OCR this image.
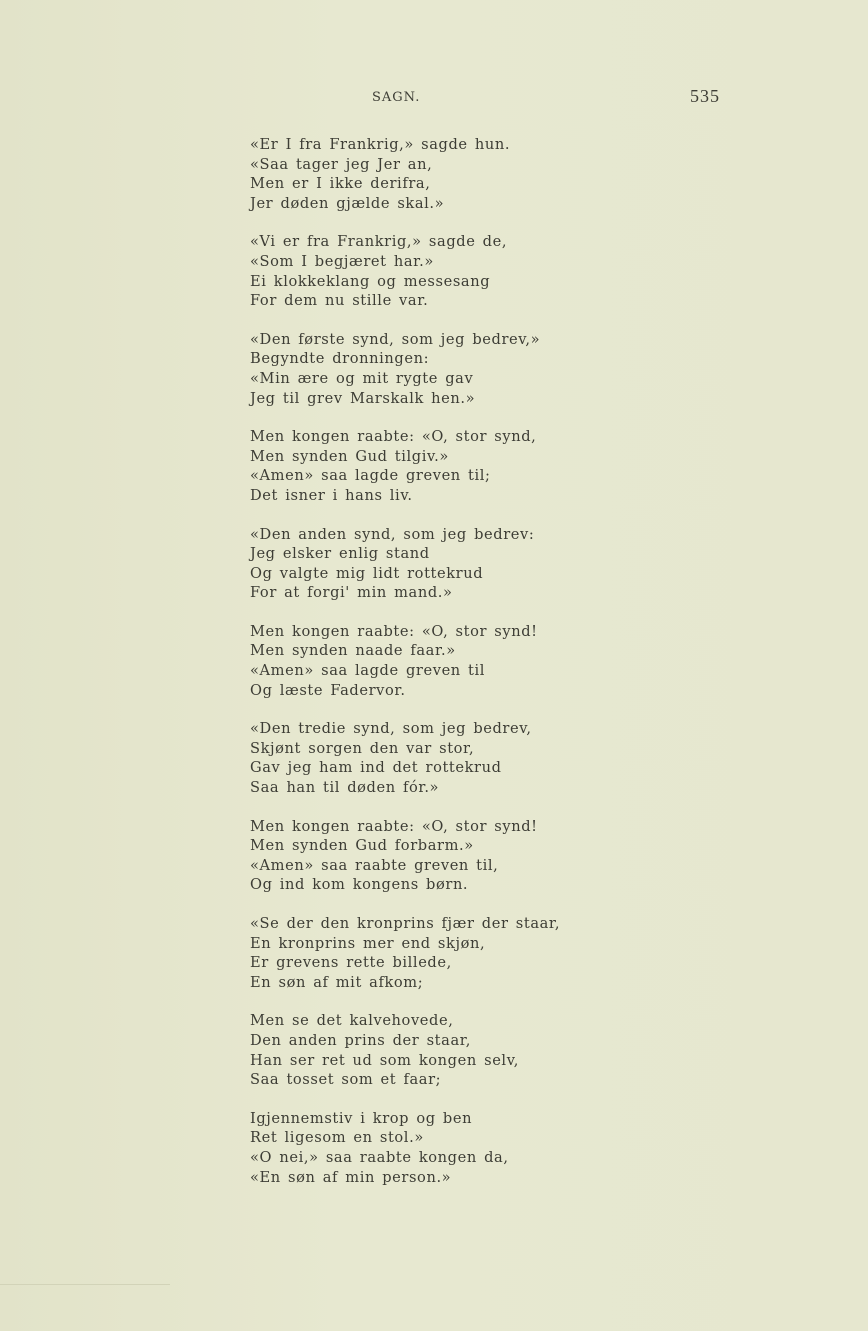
SAGN.	535
«Er I fra Frankrig,» sagde hun.
«Saa tager jeg Jer an,
Men er I ikke derifra,
Jer døden gjælde skal.»
«Vi er fra Frankrig,» sagde de,
«Som I begjæret har.»
Ei klokkeklang og messesang
For dem nu stille var.
«Den første synd, som jeg bedrev,»
Begyndte dronningen:
«Min ære og mit rygte gav
Jeg til grev Marskalk hen.»
Men kongen raabte: «O, stor synd,
Men synden Gud tilgiv.»
«Amen» saa lagde greven til;
Det isner i hans liv.
«Den anden synd, som jeg bedrev:
Jeg elsker enlig stand
Og valgte mig lidt rottekrud
For at forgi' min mand.»
Men kongen raabte: «O, stor synd!
Men synden naade faar.»
«Amen» saa lagde greven til
Og læste Fadervor.
«Den tredie synd, som jeg bedrev,
Skjønt sorgen den var stor,
Gav jeg ham ind det rottekrud
Saa han til døden fór.»
Men kongen raabte: «O, stor synd!
Men synden Gud forbarm.»
«Amen» saa raabte greven til,
Og ind kom kongens børn.
«Se der den kronprins fjær der staar,
En kronprins mer end skjøn,
Er grevens rette billede,
En søn af mit afkom;
Men se det kalvehovede,
Den anden prins der staar,
Han ser ret ud som kongen selv,
Saa tosset som et faar;
Igjennemstiv i krop og ben
Ret ligesom en stol.»
«O nei,» saa raabte kongen da,
«En søn af min person.»
